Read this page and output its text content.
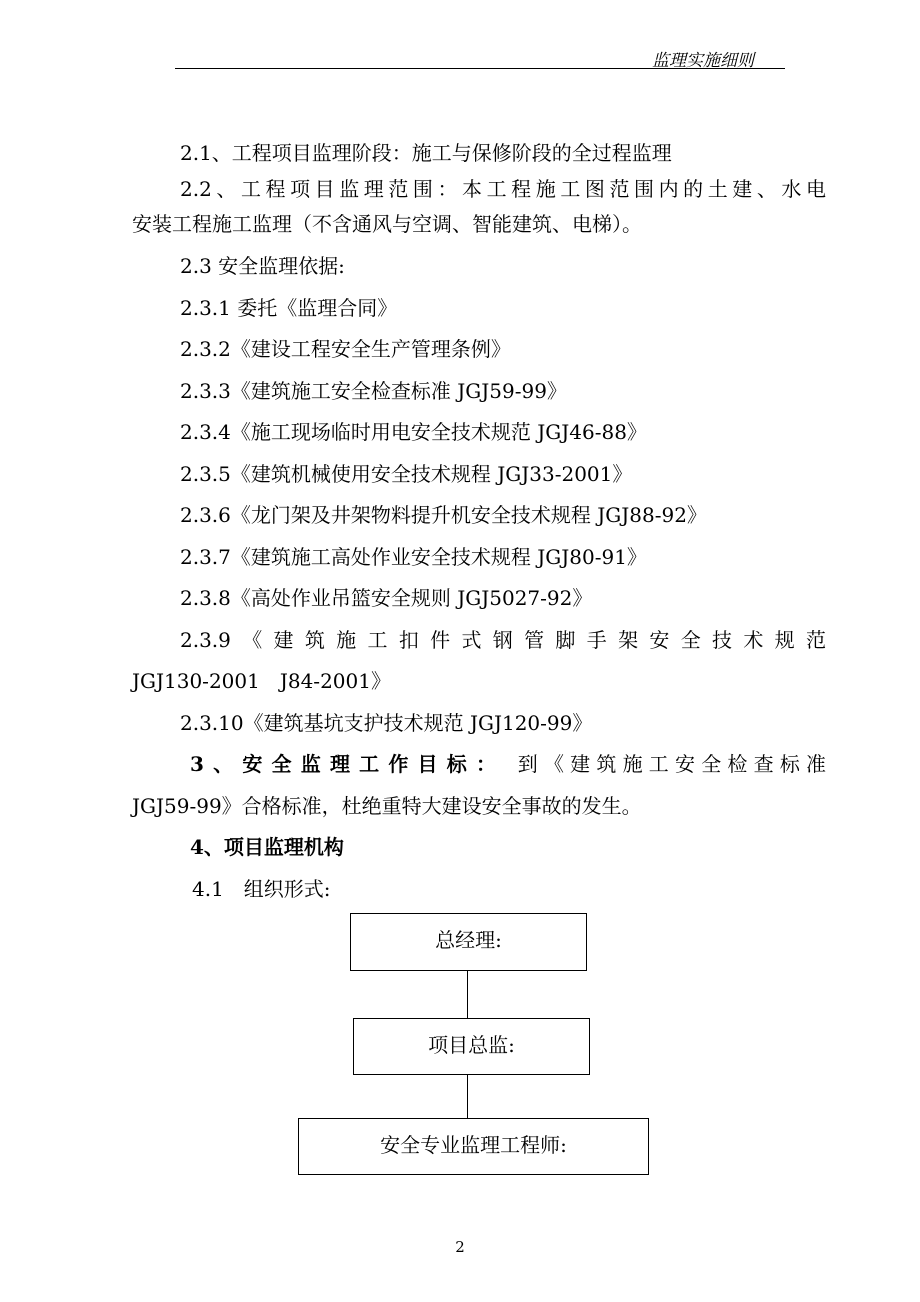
监理实施细则
2.1、工程项目监理阶段：施工与保修阶段的全过程监理
2.2、工程项目监理范围：本工程施工图范围内的土建、水电
安装工程施工监理（不含通风与空调、智能建筑、电梯）。
2.3 安全监理依据:
2.3.1 委托《监理合同》
2.3.2《建设工程安全生产管理条例》
2.3.3《建筑施工安全检查标准 JGJ59-99》
2.3.4《施工现场临时用电安全技术规范 JGJ46-88》
2.3.5《建筑机械使用安全技术规程 JGJ33-2001》
2.3.6《龙门架及井架物料提升机安全技术规程 JGJ88-92》
2.3.7《建筑施工高处作业安全技术规程 JGJ80-91》
2.3.8《高处作业吊篮安全规则 JGJ5027-92》
2.3.9《建筑施工扣件式钢管脚手架安全技术规范
JGJ130-2001　J84-2001》
2.3.10《建筑基坑支护技术规范 JGJ120-99》
3、安全监理工作目标： 到《建筑施工安全检查标准
JGJ59-99》合格标准，杜绝重特大建设安全事故的发生。
4、项目监理机构
4.1　组织形式:
总经理:
项目总监:
安全专业监理工程师:
2
